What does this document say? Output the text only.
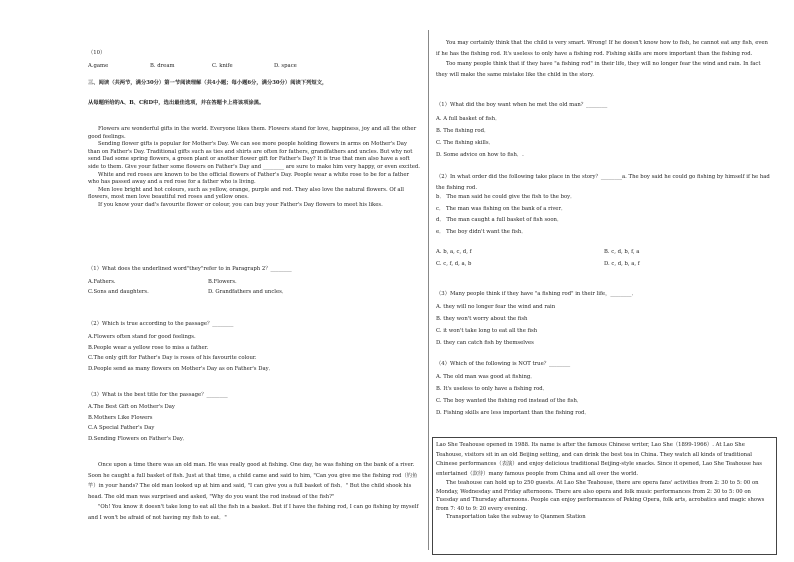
（10）
A.game	B. dream	C. knife	D. space
三、阅读（共两节，满分30分）第一节阅读理解（共4小题；每小题6分，满分30分）阅读下列短文，
从每题所给的A、B、C和D中，选出最佳选项，并在答题卡上将该项涂黑。
Flowers are wonderful gifts in the world. Everyone likes them. Flowers stand for love, happiness, joy and all the other good feelings.
Sending flower gifts is popular for Mother's Day. We can see more people holding flowers in arms on Mother's Day than on Father's Day. Traditional gifts such as ties and shirts are often for fathers, grandfathers and uncles. But why not send Dad some spring flowers, a green plant or another flower gift for Father's Day? It is true that men also have a soft side to them. Give your father some flowers on Father's Day and ________ are sure to make him very happy, or even excited.
White and red roses are known to be the official flowers of Father's Day. People wear a white rose to be for a father who has passed away and a red rose for a father who is living.
Men love bright and hot colours, such as yellow, orange, purple and red. They also love the natural flowers. Of all flowers, most men love beautiful red roses and yellow ones.
If you know your dad's favourite flower or colour, you can buy your Father's Day flowers to meet his likes.
（1）What does the underlined word"they"refer to in Paragraph 2？________
A.Fathers.	B.Flowers.
C.Sons and daughters.	D. Grandfathers and uncles．
（2）Which is true according to the passage？________
A.Flowers often stand for good feelings.
B.People wear a yellow rose to miss a father.
C.The only gift for Father's Day is roses of his favourite colour.
D.People send as many flowers on Mother's Day as on Father's Day．
（3）What is the best title for the passage？________
A.The Best Gift on Mother's Day
B.Mothers Like Flowers
C.A Special Father's Day
D.Sending Flowers on Father's Day．
Once upon a time there was an old man. He was really good at fishing. One day, he was fishing on the bank of a river. Soon he caught a full basket of fish. Just at that time, a child came and said to him, "Can you give me the fishing rod（钓鱼竿）in your hands? The old man looked up at him and said, "I can give you a full basket of fish．" But the child shook his head. The old man was surprised and asked, "Why do you want the rod instead of the fish?"
"Oh! You know it doesn't take long to eat all the fish in a basket. But if I have the fishing rod, I can go fishing by myself and I won't be afraid of not having my fish to eat．"
You may certainly think that the child is very smart. Wrong! If he doesn't know how to fish, he cannot eat any fish, even if he has the fishing rod. It's useless to only have a fishing rod. Fishing skills are more important than the fishing rod.
Too many people think that if they have "a fishing rod" in their life, they will no longer fear the wind and rain. In fact they will make the same mistake like the child in the story.
（1）What did the boy want when he met the old man？________
A. A full basket of fish．
B. The fishing rod．
C. The fishing skills．
D. Some advice on how to fish．.
（2）In what order did the following take place in the story？________a. The boy said he could go fishing by himself if he had the fishing rod.
b． The man said he could give the fish to the boy．
c． The man was fishing on the bank of a river．
d． The man caught a full basket of fish soon．
e． The boy didn't want the fish．
A. b, a, c, d, f	B. c, d, b, f, a
C. c, f, d, a, b	D. c, d, b, a, f
（3）Many people think if they have "a fishing rod" in their life，________．
A. they will no longer fear the wind and rain
B. they won't worry about the fish
C. it won't take long to eat all the fish
D. they can catch fish by themselves
（4）Which of the following is NOT true？________
A. The old man was good at fishing．
B. It's useless to only have a fishing rod．
C. The boy wanted the fishing rod instead of the fish．
D. Fishing skills are less important than the fishing rod．
Lao She Teahouse opened in 1988. Its name is after the famous Chinese writer, Lao She（1899-1966）. At Lao She Teahouse, visitors sit in an old Beijing setting, and can drink the best tea in China. They watch all kinds of traditional Chinese performances（表演）and enjoy delicious traditional Beijing-style snacks. Since it opened, Lao She Teahouse has entertained（款待）many famous people from China and all over the world.
The teahouse can hold up to 250 guests. At Lao She Teahouse, there are opera fans' activities from 2: 30 to 5: 00 on Monday, Wednesday and Friday afternoons. There are also opera and folk music performances from 2: 30 to 5: 00 on Tuesday and Thursday afternoons. People can enjoy performances of Peking Opera, folk arts, acrobatics and magic shows from 7: 40 to 9: 20 every evening.
Transportation take the subway to Qianmen Station
